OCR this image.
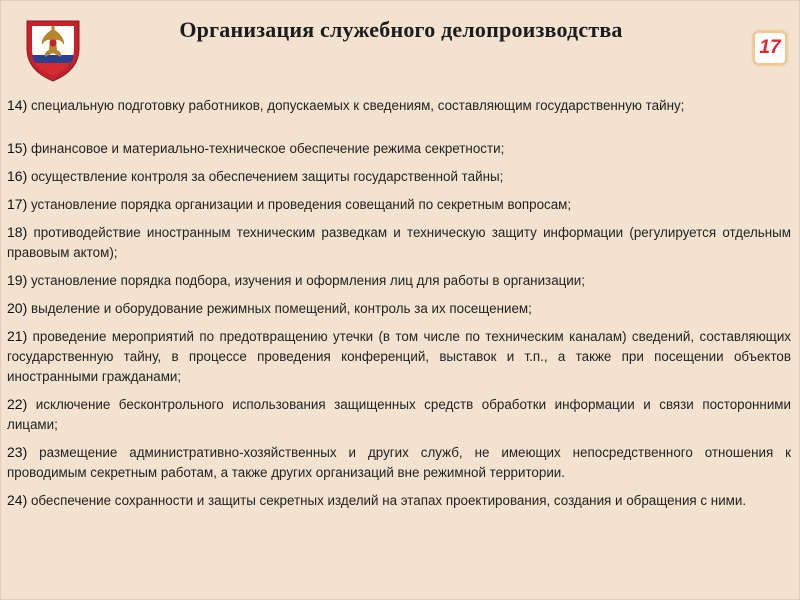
Организация служебного делопроизводства
17
14) специальную подготовку работников, допускаемых к сведениям, составляющим государственную тайну;
15) финансовое и материально-техническое обеспечение режима секретности;
16) осуществление контроля за обеспечением защиты государственной тайны;
17) установление порядка организации и проведения совещаний по секретным вопросам;
18) противодействие иностранным техническим разведкам и техническую защиту информации (регулируется отдельным правовым актом);
19) установление порядка подбора, изучения и оформления лиц для работы в организации;
20) выделение и оборудование режимных помещений, контроль за их посещением;
21) проведение мероприятий по предотвращению утечки (в том числе по техническим каналам) сведений, составляющих государственную тайну, в процессе проведения конференций, выставок и т.п., а также при посещении объектов иностранными гражданами;
22) исключение бесконтрольного использования защищенных средств обработки информации и связи посторонними лицами;
23) размещение административно-хозяйственных и других служб, не имеющих непосредственного отношения к проводимым секретным работам, а также других организаций вне режимной территории.
24) обеспечение сохранности и защиты секретных изделий на этапах проектирования, создания и обращения с ними.
